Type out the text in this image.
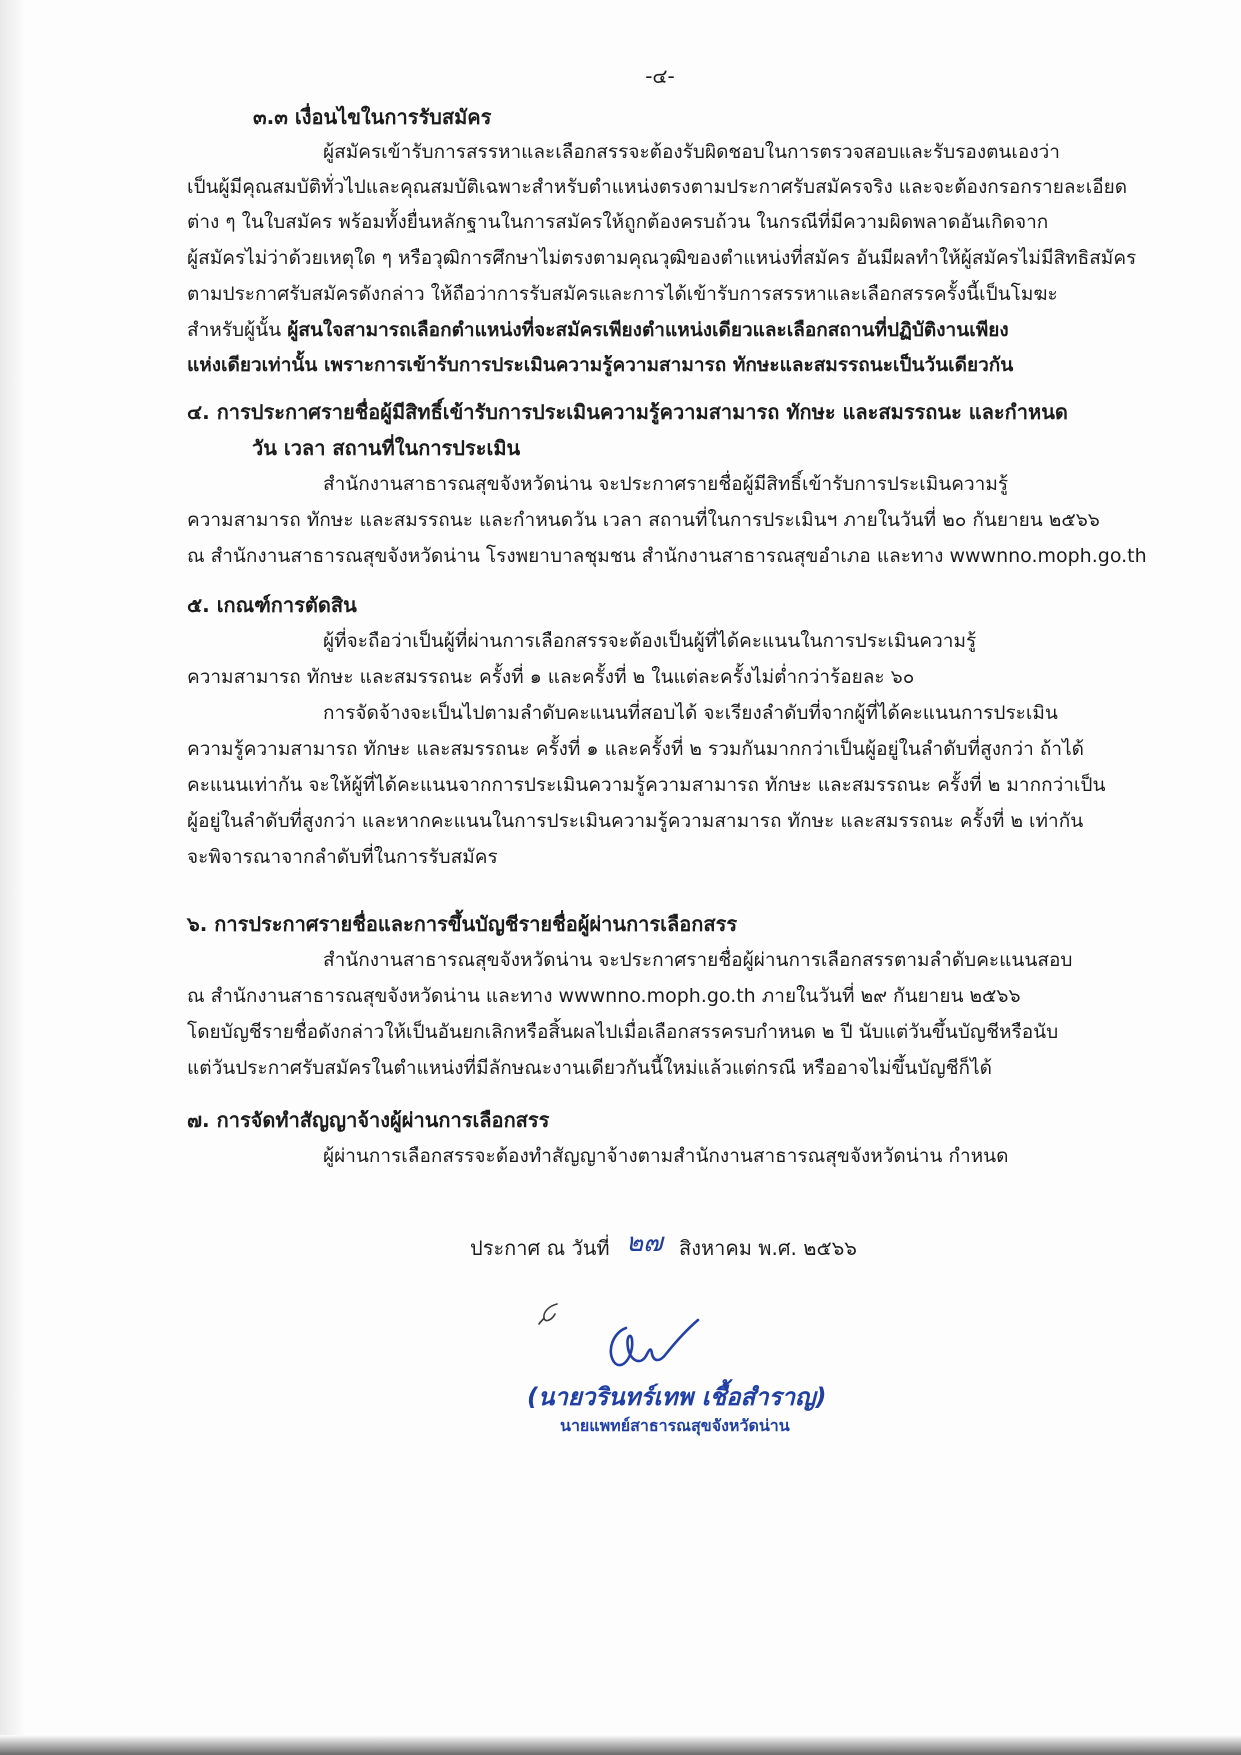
-๔-
๓.๓ เงื่อนไขในการรับสมัคร
ผู้สมัครเข้ารับการสรรหาและเลือกสรรจะต้องรับผิดชอบในการตรวจสอบและรับรองตนเองว่า
เป็นผู้มีคุณสมบัติทั่วไปและคุณสมบัติเฉพาะสำหรับตำแหน่งตรงตามประกาศรับสมัครจริง และจะต้องกรอกรายละเอียด
ต่าง ๆ ในใบสมัคร พร้อมทั้งยื่นหลักฐานในการสมัครให้ถูกต้องครบถ้วน ในกรณีที่มีความผิดพลาดอันเกิดจาก
ผู้สมัครไม่ว่าด้วยเหตุใด ๆ หรือวุฒิการศึกษาไม่ตรงตามคุณวุฒิของตำแหน่งที่สมัคร อันมีผลทำให้ผู้สมัครไม่มีสิทธิสมัคร
ตามประกาศรับสมัครดังกล่าว ให้ถือว่าการรับสมัครและการได้เข้ารับการสรรหาและเลือกสรรครั้งนี้เป็นโมฆะ
สำหรับผู้นั้น ผู้สนใจสามารถเลือกตำแหน่งที่จะสมัครเพียงตำแหน่งเดียวและเลือกสถานที่ปฏิบัติงานเพียง
แห่งเดียวเท่านั้น เพราะการเข้ารับการประเมินความรู้ความสามารถ ทักษะและสมรรถนะเป็นวันเดียวกัน
๔. การประกาศรายชื่อผู้มีสิทธิ์เข้ารับการประเมินความรู้ความสามารถ ทักษะ และสมรรถนะ และกำหนด
วัน เวลา สถานที่ในการประเมิน
สำนักงานสาธารณสุขจังหวัดน่าน จะประกาศรายชื่อผู้มีสิทธิ์เข้ารับการประเมินความรู้
ความสามารถ ทักษะ และสมรรถนะ และกำหนดวัน เวลา สถานที่ในการประเมินฯ ภายในวันที่ ๒๐ กันยายน ๒๕๖๖
ณ สำนักงานสาธารณสุขจังหวัดน่าน โรงพยาบาลชุมชน สำนักงานสาธารณสุขอำเภอ และทาง wwwnno.moph.go.th
๕. เกณฑ์การตัดสิน
ผู้ที่จะถือว่าเป็นผู้ที่ผ่านการเลือกสรรจะต้องเป็นผู้ที่ได้คะแนนในการประเมินความรู้
ความสามารถ ทักษะ และสมรรถนะ ครั้งที่ ๑ และครั้งที่ ๒ ในแต่ละครั้งไม่ต่ำกว่าร้อยละ ๖๐
การจัดจ้างจะเป็นไปตามลำดับคะแนนที่สอบได้ จะเรียงลำดับที่จากผู้ที่ได้คะแนนการประเมิน
ความรู้ความสามารถ ทักษะ และสมรรถนะ ครั้งที่ ๑ และครั้งที่ ๒ รวมกันมากกว่าเป็นผู้อยู่ในลำดับที่สูงกว่า ถ้าได้
คะแนนเท่ากัน จะให้ผู้ที่ได้คะแนนจากการประเมินความรู้ความสามารถ ทักษะ และสมรรถนะ ครั้งที่ ๒ มากกว่าเป็น
ผู้อยู่ในลำดับที่สูงกว่า และหากคะแนนในการประเมินความรู้ความสามารถ ทักษะ และสมรรถนะ ครั้งที่ ๒ เท่ากัน
จะพิจารณาจากลำดับที่ในการรับสมัคร
๖. การประกาศรายชื่อและการขึ้นบัญชีรายชื่อผู้ผ่านการเลือกสรร
สำนักงานสาธารณสุขจังหวัดน่าน จะประกาศรายชื่อผู้ผ่านการเลือกสรรตามลำดับคะแนนสอบ
ณ สำนักงานสาธารณสุขจังหวัดน่าน และทาง wwwnno.moph.go.th ภายในวันที่ ๒๙ กันยายน ๒๕๖๖
โดยบัญชีรายชื่อดังกล่าวให้เป็นอันยกเลิกหรือสิ้นผลไปเมื่อเลือกสรรครบกำหนด ๒ ปี นับแต่วันขึ้นบัญชีหรือนับ
แต่วันประกาศรับสมัครในตำแหน่งที่มีลักษณะงานเดียวกันนี้ใหม่แล้วแต่กรณี หรืออาจไม่ขึ้นบัญชีก็ได้
๗. การจัดทำสัญญาจ้างผู้ผ่านการเลือกสรร
ผู้ผ่านการเลือกสรรจะต้องทำสัญญาจ้างตามสำนักงานสาธารณสุขจังหวัดน่าน กำหนด
ประกาศ ณ วันที่ ๒๗ สิงหาคม พ.ศ. ๒๕๖๖
(นายวรินทร์เทพ เชื้อสำราญ)
นายแพทย์สาธารณสุขจังหวัดน่าน
